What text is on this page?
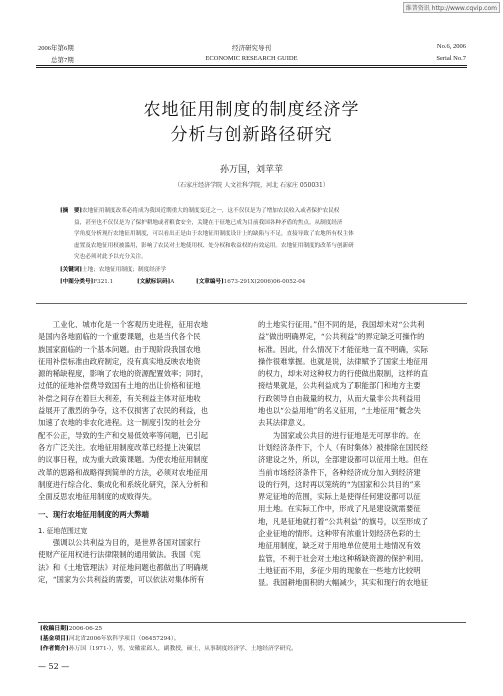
维普资讯 http://www.cqvip.com
2006年第6期
总第7期
经济研究导刊
ECONOMIC RESEARCH GUIDE
No.6, 2006
Serial No.7
农地征用制度的制度经济学
分析与创新路径研究
孙万国，刘苹苹
（石家庄经济学院 人文社科学院，河北 石家庄 050031）
[摘　要]农地征用制度改革必将成为我国近期重大的制度变迁之一，这不仅仅是为了增加农民收入或者保护农民权
益，甚至也不仅仅是为了保护耕地或者粮食安全，关键在于征地已成为目前我国各种矛盾的焦点。从制度经济
学角度分析现行农地征用制度，可以看出正是由于农地征用制度设计上的缺陷与不足，直接导致了农地所有权主体
虚置及农地征用权被滥用，影响了农民对土地使用权、处分权和收益权的有效运用。农地征用制度的改革与创新研
究也必须对此予以充分关注。
[关键词]土地；农地征用制度；制度经济学
[中图分类号]F321.1	[文献标识码]A	[文章编号]1673-291X(2006)06-0052-04
工业化、城市化是一个客观历史进程，征用农地
是国内各地面临的一个重要课题，也是当代各个民
族国家面临的一个基本问题。由于现阶段我国农地
征用补偿标准由政府制定，没有真实地反映农地资
源的稀缺程度，影响了农地的资源配置效率；同时，
过低的征地补偿费导致国有土地的出让价格和征地
补偿之间存在着巨大利差，有关利益主体对征地收
益展开了激烈的争夺，这不仅损害了农民的利益，也
加速了农地的非农化进程。这一制度引发的社会分
配不公正，导致的生产和交易低效率等问题，已引起
各方广泛关注。农地征用制度改革已经提上决策层
的议事日程，成为重大政策课题。为使农地征用制度
改革的思路和战略得到简单的方法，必须对农地征用
制度进行综合化、集成化和系统化研究，深入分析和
全面反思农地征用制度的成败得失。
一、现行农地征用制度的两大弊端
1. 征地范围过宽
强调以公共利益为目的，是世界各国对国家行
使财产征用权进行法律限制的通用做法。我国《宪
法》和《土地管理法》对征地问题也都做出了明确规
定，“国家为公共利益的需要，可以依法对集体所有
的土地实行征用。”但不同的是，我国却未对“公共利
益”做出明确界定，“公共利益”的界定缺乏可操作的
标准。因此，什么情况下才能征地一直不明确，实际
操作很难掌握。也就是说，法律赋予了国家土地征用
的权力，却未对这种权力的行使做出限制，这样的直
接结果就是，公共利益成为了职能部门和地方主要
行政领导自由裁量的权力，从而大量非公共利益用
地也以“公益用地”的名义征用，“土地征用”概念失
去其法律意义。
为国家或公共目的进行征地是无可厚非的。在
计划经济条件下，个人（有时集体）被排除在国民经
济建设之外，所以，全部建设都可以征用土地。但在
当前市场经济条件下，各种经济成分加入到经济建
设的行列，这时再以笼统的“为国家和公共目的”来
界定征地的范围，实际上是使得任何建设都可以征
用土地。在实际工作中，形成了凡是建设就需要征
地，凡是征地就打着“公共利益”的旗号，以至形成了
企业征地的情形。这种带有浓重计划经济色彩的土
地征用制度，缺乏对于用地单位使用土地情况有效
监管，不利于社会对土地这种稀缺资源的保护利用。
土地征而不用，多征少用的现象在一些地方比较明
显。我国耕地面积的大幅减少，其实和现行的农地征
[收稿日期]2006-06-25
[基金项目]河北省2006年软科学项目（06457294）。
[作者简介]孙万国（1971-），男，安徽霍邱人，副教授，硕士，从事制度经济学、土地经济学研究。
— 52 —
